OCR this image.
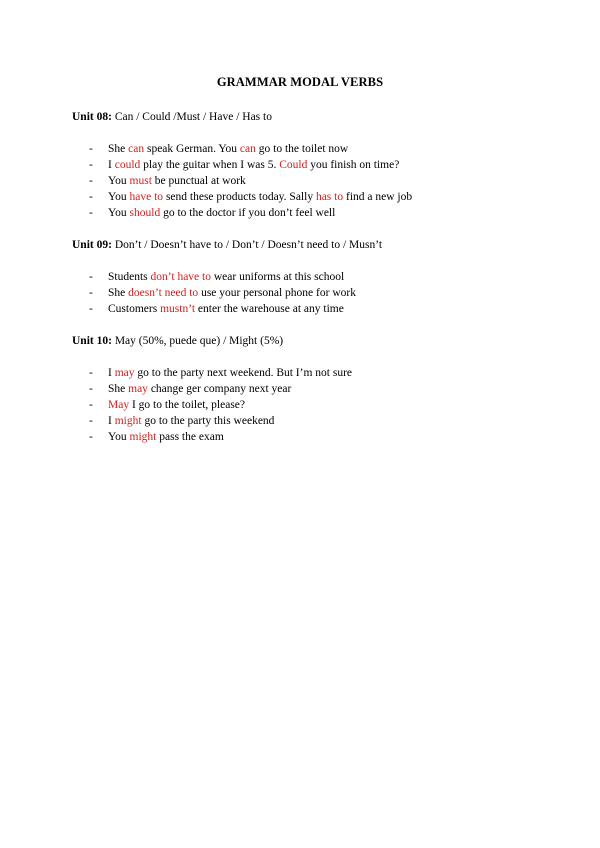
GRAMMAR MODAL VERBS
Unit 08: Can / Could /Must / Have / Has to
- She can speak German. You can go to the toilet now
- I could play the guitar when I was 5. Could you finish on time?
- You must be punctual at work
- You have to send these products today. Sally has to find a new job
- You should go to the doctor if you don’t feel well
Unit 09: Don’t / Doesn’t have to / Don’t / Doesn’t need to / Musn’t
- Students don’t have to wear uniforms at this school
- She doesn’t need to use your personal phone for work
- Customers mustn’t enter the warehouse at any time
Unit 10: May (50%, puede que) / Might (5%)
- I may go to the party next weekend. But I’m not sure
- She may change ger company next year
- May I go to the toilet, please?
- I might go to the party this weekend
- You might pass the exam
